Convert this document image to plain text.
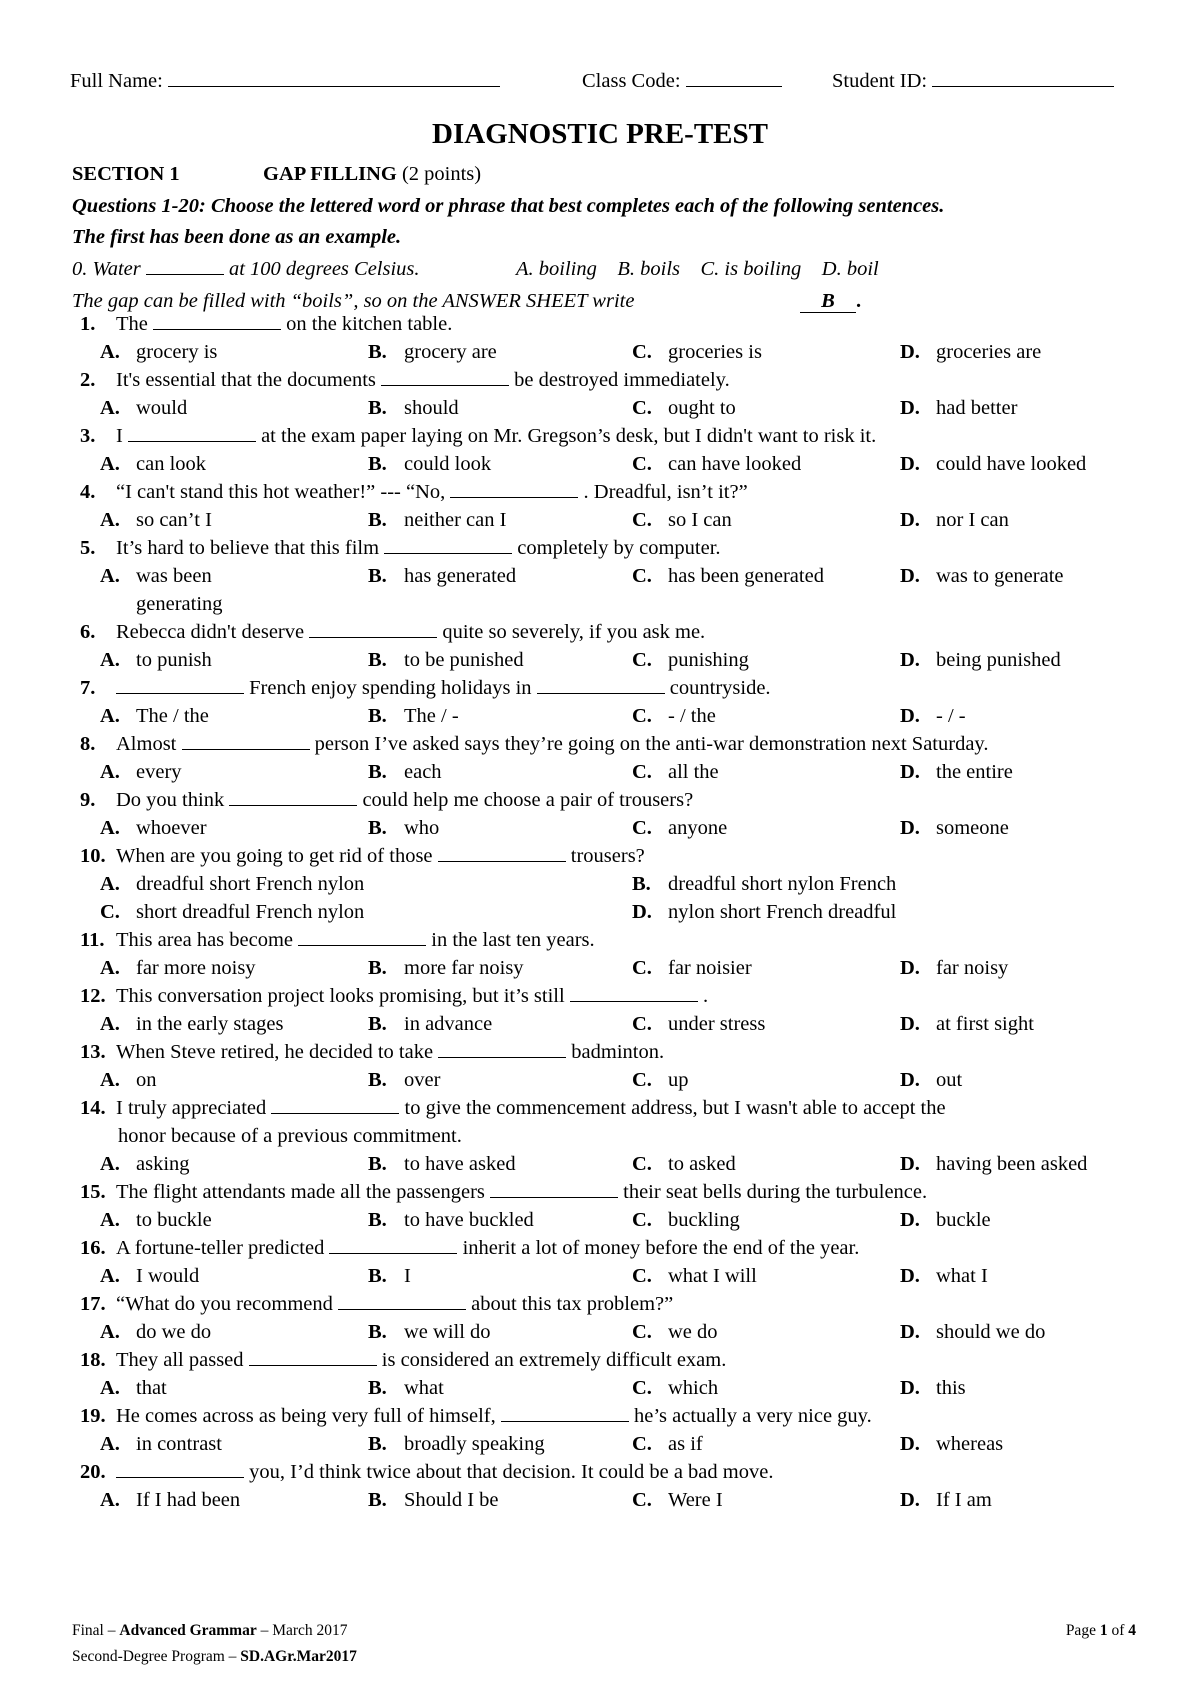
Full Name:	Class Code:	Student ID:
DIAGNOSTIC PRE-TEST
SECTION 1	GAP FILLING (2 points)
Questions 1-20: Choose the lettered word or phrase that best completes each of the following sentences.
The first has been done as an example.
0. Water	at 100 degrees Celsius.	A. boiling    B. boils    C. is boiling    D. boil
The gap can be filled with “boils”, so on the ANSWER SHEET write	B .
1. The	on the kitchen table.
A. grocery is	B. grocery are	C. groceries is	D. groceries are
2. It's essential that the documents	be destroyed immediately.
A. would	B. should	C. ought to	D. had better
3. I	at the exam paper laying on Mr. Gregson’s desk, but I didn't want to risk it.
A. can look	B. could look	C. can have looked	D. could have looked
4. “I can't stand this hot weather!” --- “No,	. Dreadful, isn’t it?”
A. so can’t I	B. neither can I	C. so I can	D. nor I can
5. It’s hard to believe that this film	completely by computer.
A. was been	B. has generated	C. has been generated	D. was to generate
generating
6. Rebecca didn't deserve	quite so severely, if you ask me.
A. to punish	B. to be punished	C. punishing	D. being punished
7.	French enjoy spending holidays in	countryside.
A. The / the	B. The / -	C. - / the	D. - / -
8. Almost	person I’ve asked says they’re going on the anti-war demonstration next Saturday.
A. every	B. each	C. all the	D. the entire
9. Do you think	could help me choose a pair of trousers?
A. whoever	B. who	C. anyone	D. someone
10. When are you going to get rid of those	trousers?
A. dreadful short French nylon	B. dreadful short nylon French
C. short dreadful French nylon	D. nylon short French dreadful
11. This area has become	in the last ten years.
A. far more noisy	B. more far noisy	C. far noisier	D. far noisy
12. This conversation project looks promising, but it’s still	.
A. in the early stages	B. in advance	C. under stress	D. at first sight
13. When Steve retired, he decided to take	badminton.
A. on	B. over	C. up	D. out
14. I truly appreciated	to give the commencement address, but I wasn't able to accept the
honor because of a previous commitment.
A. asking	B. to have asked	C. to asked	D. having been asked
15. The flight attendants made all the passengers	their seat bells during the turbulence.
A. to buckle	B. to have buckled	C. buckling	D. buckle
16. A fortune-teller predicted	inherit a lot of money before the end of the year.
A. I would	B. I	C. what I will	D. what I
17. “What do you recommend	about this tax problem?”
A. do we do	B. we will do	C. we do	D. should we do
18. They all passed	is considered an extremely difficult exam.
A. that	B. what	C. which	D. this
19. He comes across as being very full of himself,	he’s actually a very nice guy.
A. in contrast	B. broadly speaking	C. as if	D. whereas
20.	you, I’d think twice about that decision. It could be a bad move.
A. If I had been	B. Should I be	C. Were I	D. If I am
Final – Advanced Grammar – March 2017
Second-Degree Program – SD.AGr.Mar2017
Page 1 of 4
